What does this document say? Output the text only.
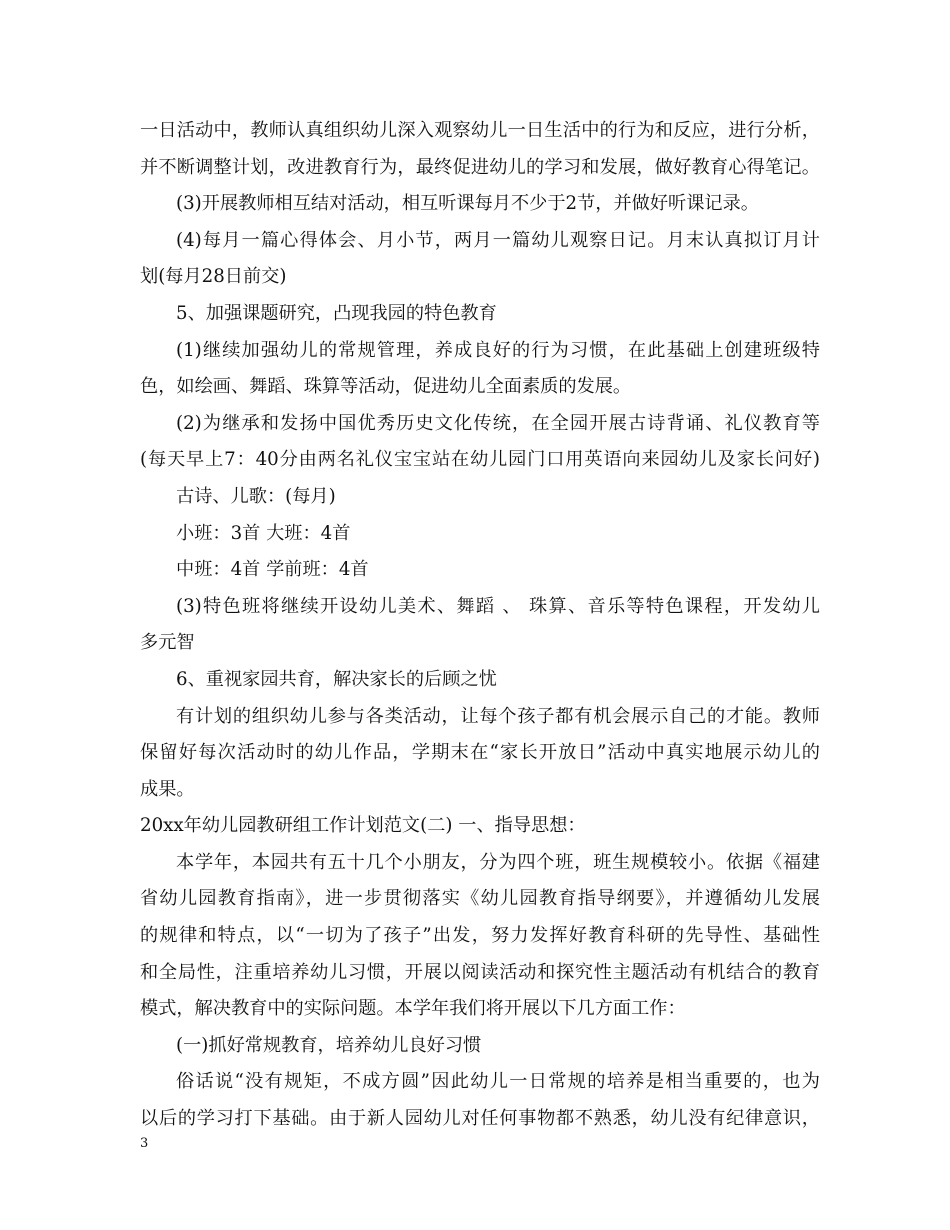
一日活动中，教师认真组织幼儿深入观察幼儿一日生活中的行为和反应，进行分析，
并不断调整计划，改进教育行为，最终促进幼儿的学习和发展，做好教育心得笔记。
(3)开展教师相互结对活动，相互听课每月不少于2节，并做好听课记录。
(4)每月一篇心得体会、月小节，两月一篇幼儿观察日记。月末认真拟订月计
划(每月28日前交)
5、加强课题研究，凸现我园的特色教育
(1)继续加强幼儿的常规管理，养成良好的行为习惯，在此基础上创建班级特
色，如绘画、舞蹈、珠算等活动，促进幼儿全面素质的发展。
(2)为继承和发扬中国优秀历史文化传统，在全园开展古诗背诵、礼仪教育等
(每天早上7：40分由两名礼仪宝宝站在幼儿园门口用英语向来园幼儿及家长问好)
古诗、儿歌：(每月)
小班：3首 大班：4首
中班：4首 学前班：4首
(3)特色班将继续开设幼儿美术、舞蹈 、 珠算、音乐等特色课程，开发幼儿
多元智
6、重视家园共育，解决家长的后顾之忧
有计划的组织幼儿参与各类活动，让每个孩子都有机会展示自己的才能。教师
保留好每次活动时的幼儿作品，学期末在“家长开放日”活动中真实地展示幼儿的
成果。
20xx年幼儿园教研组工作计划范文(二) 一、指导思想：
本学年，本园共有五十几个小朋友，分为四个班，班生规模较小。依据《福建
省幼儿园教育指南》，进一步贯彻落实《幼儿园教育指导纲要》，并遵循幼儿发展
的规律和特点，以“一切为了孩子”出发，努力发挥好教育科研的先导性、基础性
和全局性，注重培养幼儿习惯，开展以阅读活动和探究性主题活动有机结合的教育
模式，解决教育中的实际问题。本学年我们将开展以下几方面工作：
(一)抓好常规教育，培养幼儿良好习惯
俗话说“没有规矩，不成方圆”因此幼儿一日常规的培养是相当重要的，也为
以后的学习打下基础。由于新人园幼儿对任何事物都不熟悉，幼儿没有纪律意识，
3
